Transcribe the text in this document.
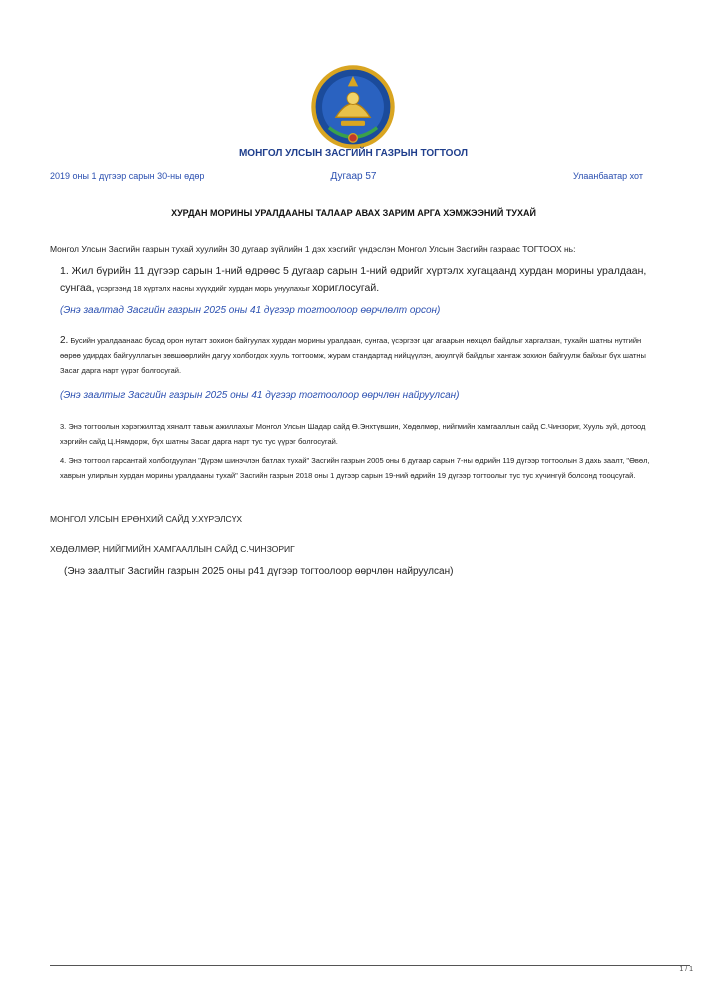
МОНГОЛ УЛСЫН ЗАСГИЙН ГАЗРЫН ТОГТООЛ
2019 оны 1 дүгээр сарын 30-ны өдөр	Дугаар 57	Улаанбаатар хот
ХУРДАН МОРИНЫ УРАЛДААНЫ ТАЛААР АВАХ ЗАРИМ АРГА ХЭМЖЭЭНИЙ ТУХАЙ
Монгол Улсын Засгийн газрын тухай хуулийн 30 дугаар зүйлийн 1 дэх хэсгийг үндэслэн Монгол Улсын Засгийн газраас ТОГТООХ нь:
1. Жил бүрийн 11 дүгээр сарын 1-ний өдрөөс 5 дугаар сарын 1-ний өдрийг хүртэлх хугацаанд хурдан морины уралдаан, сунгаа, үсэргээнд 18 хүртэлх насны хүүхдийг хурдан морь унуулахыг хориглосугай.
(Энэ заалтад Засгийн газрын 2025 оны 41 дүгээр тогтоолоор өөрчлөлт орсон)
2. Бусийн уралдаанаас бусад орон нутагт зохион байгуулах хурдан морины уралдаан, сунгаа, үсэргээг цаг агаарын нөхцөл байдлыг харгалзан, тухайн шатны нутгийн өөрөө удирдах байгууллагын зөвшөөрлийн дагуу холбогдох хууль тогтоомж, журам стандартад нийцүүлэн, аюулгүй байдлыг хангаж зохион байгуулж байхыг бүх шатны Засаг дарга нарт үүрэг болгосугай.
(Энэ заалтыг Засгийн газрын 2025 оны 41 дүгээр тогтоолоор өөрчлөн найруулсан)
3. Энэ тогтоолын хэрэгжилтэд хяналт тавьж ажиллахыг Монгол Улсын Шадар сайд Ө.Энхтүвшин, Хөдөлмөр, нийгмийн хамгааллын сайд С.Чинзориг, Хууль зүй, дотоод хэргийн сайд Ц.Нямдорж, бүх шатны Засаг дарга нарт тус тус үүрэг болгосугай.
4. Энэ тогтоол гарсантай холбогдуулан "Дүрэм шинэчлэн батлах тухай" Засгийн газрын 2005 оны 6 дугаар сарын 7-ны өдрийн 119 дүгээр тогтоолын 3 дахь заалт, "Өвөл, хаврын улирлын хурдан морины уралдааны тухай" Засгийн газрын 2018 оны 1 дүгээр сарын 19-ний өдрийн 19 дүгээр тогтоолыг тус тус хүчингүй болсонд тооцсугай.
МОНГОЛ УЛСЫН ЕРӨНХИЙ САЙД У.ХҮРЭЛСҮХ
ХӨДӨЛМӨР, НИЙГМИЙН ХАМГААЛЛЫН САЙД С.ЧИНЗОРИГ
(Энэ заалтыг Засгийн газрын 2025 оны р41 дүгээр тогтоолоор өөрчлөн найруулсан)
1 / 1
